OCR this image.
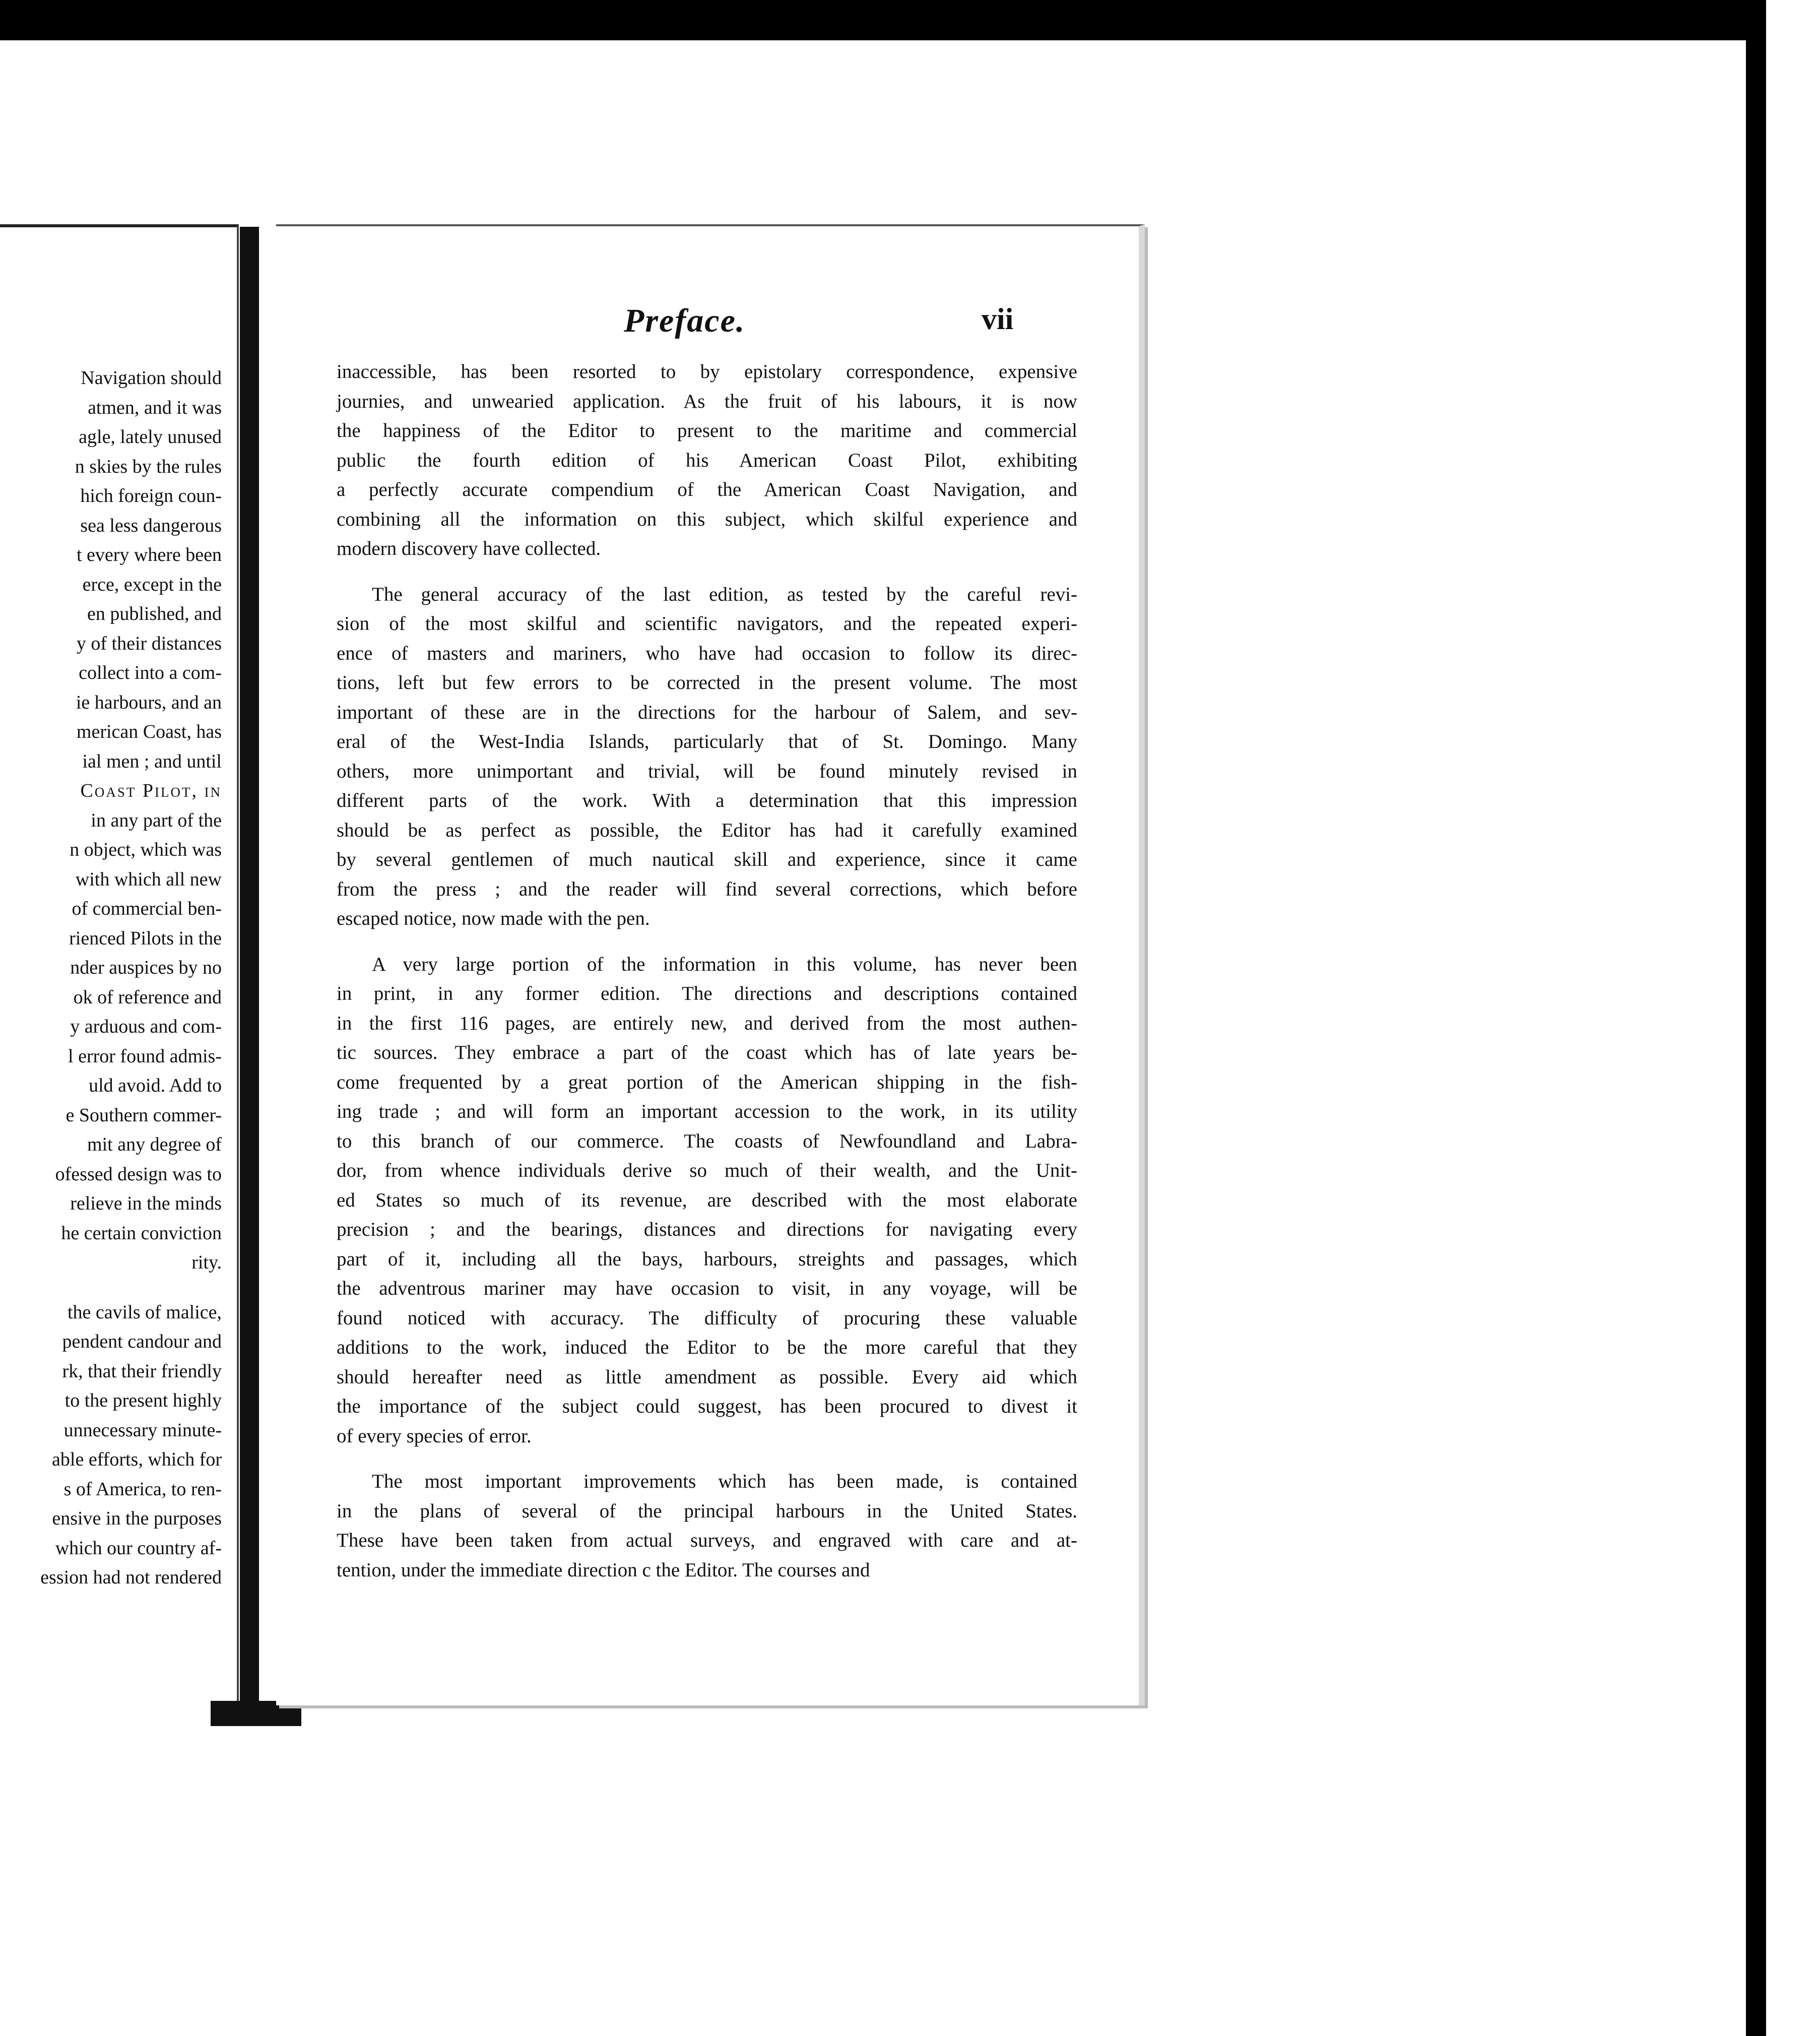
Navigation should
atmen, and it was
agle, lately unused
n skies by the rules
hich foreign coun-
sea less dangerous
t every where been
erce, except in the
en published, and
y of their distances
collect into a com-
ie harbours, and an
merican Coast, has
ial men ; and until
Coast Pilot, in
in any part of the
n object, which was
with which all new
of commercial ben-
rienced Pilots in the
nder auspices by no
ok of reference and
y arduous and com-
l error found admis-
uld avoid. Add to
e Southern commer-
mit any degree of
ofessed design was to
relieve in the minds
he certain conviction
rity.
the cavils of malice,
pendent candour and
rk, that their friendly
to the present highly
unnecessary minute-
able efforts, which for
s of America, to ren-
ensive in the purposes
which our country af-
ession had not rendered
Preface.	vii

inaccessible, has been resorted to by epistolary correspondence, expensive

journies, and unwearied application. As the fruit of his labours, it is now

the happiness of the Editor to present to the maritime and commercial

public the fourth edition of his American Coast Pilot, exhibiting

a perfectly accurate compendium of the American Coast Navigation, and

combining all the information on this subject, which skilful experience and

modern discovery have collected.

The general accuracy of the last edition, as tested by the careful revi-

sion of the most skilful and scientific navigators, and the repeated experi-

ence of masters and mariners, who have had occasion to follow its direc-

tions, left but few errors to be corrected in the present volume. The most

important of these are in the directions for the harbour of Salem, and sev-

eral of the West-India Islands, particularly that of St. Domingo. Many

others, more unimportant and trivial, will be found minutely revised in

different parts of the work. With a determination that this impression

should be as perfect as possible, the Editor has had it carefully examined

by several gentlemen of much nautical skill and experience, since it came

from the press ; and the reader will find several corrections, which before

escaped notice, now made with the pen.

A very large portion of the information in this volume, has never been

in print, in any former edition. The directions and descriptions contained

in the first 116 pages, are entirely new, and derived from the most authen-

tic sources. They embrace a part of the coast which has of late years be-

come frequented by a great portion of the American shipping in the fish-

ing trade ; and will form an important accession to the work, in its utility

to this branch of our commerce. The coasts of Newfoundland and Labra-

dor, from whence individuals derive so much of their wealth, and the Unit-

ed States so much of its revenue, are described with the most elaborate

precision ; and the bearings, distances and directions for navigating every

part of it, including all the bays, harbours, streights and passages, which

the adventrous mariner may have occasion to visit, in any voyage, will be

found noticed with accuracy. The difficulty of procuring these valuable

additions to the work, induced the Editor to be the more careful that they

should hereafter need as little amendment as possible. Every aid which

the importance of the subject could suggest, has been procured to divest it

of every species of error.

The most important improvements which has been made, is contained

in the plans of several of the principal harbours in the United States.

These have been taken from actual surveys, and engraved with care and at-

tention, under the immediate direction c the Editor. The courses and
